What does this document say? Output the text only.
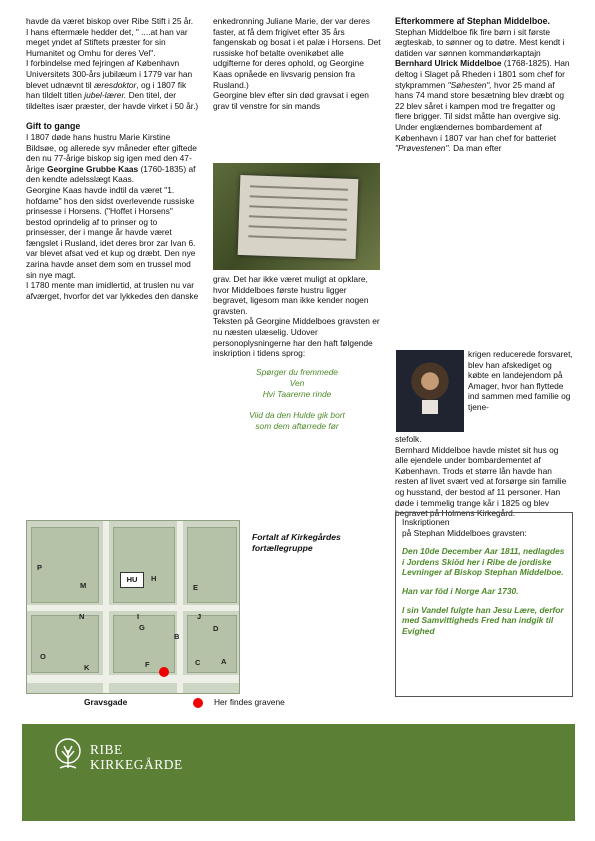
havde da været biskop over Ribe Stift i 25 år.

I hans eftermæle hedder det, " ....at han var meget yndet af Stiftets præster for sin Humanitet og Omhu for deres Vel".

I forbindelse med fejringen af København Universitets 300-års jubilæum i 1779 var han blevet udnævnt til æresdoktor, og i 1807 fik han tildelt titlen jubel-lærer. Den titel, der tildeltes især præster, der havde virket i 50 år.)

Gift to gange

I 1807 døde hans hustru Marie Kirstine Bildsøe, og allerede syv måneder efter giftede den nu 77-årige biskop sig igen med den 47-årige Georgine Grubbe Kaas (1760-1835) af den kendte adelsslægt Kaas.

Georgine Kaas havde indtil da været "1. hofdame" hos den sidst overlevende russiske prinsesse i Horsens. ("Hoffet i Horsens" bestod oprindelig af to prinser og to prinsesser, der i mange år havde været fængslet i Rusland, idet deres bror zar Ivan 6. var blevet afsat ved et kup og dræbt. Den nye zarina havde anset dem som en trussel mod sin nye magt.

I 1780 mente man imidlertid, at truslen nu var afværget, hvorfor det var lykkedes den danske

enkedronning Juliane Marie, der var deres faster, at få dem frigivet efter 35 års fangenskab og bosat i et palæ i Horsens. Det russiske hof betalte ovenikøbet alle udgifterne for deres ophold, og Georgine Kaas opnåede en livsvarig pension fra Rusland.)

Georgine blev efter sin død gravsat i egen grav til venstre for sin mands

grav. Det har ikke været muligt at opklare, hvor Middelboes første hustru ligger begravet, ligesom man ikke kender nogen gravsten.

Teksten på Georgine Middelboes gravsten er nu næsten ulæselig. Udover personoplysningerne har den haft følgende inskription i tidens sprog:

Spørger du fremmede
Ven
Hvi Taarerne rinde
Viid da den Hulde gik bort
som dem aftørrede før

Efterkommere af Stephan Middelboe.

Stephan Middelboe fik fire børn i sit første ægteskab, to sønner og to døtre. Mest kendt i datiden var sønnen kommandørkaptajn Bernhard Ulrick Middelboe (1768-1825). Han deltog i Slaget på Rheden i 1801 som chef for stykprammen "Søhesten", hvor 25 mand af hans 74 mand store besætning blev dræbt og 22 blev såret i kampen mod tre fregatter og flere brigger. Til sidst måtte han overgive sig.

Under englændernes bombardement af København i 1807 var han chef for batteriet "Prøvestenen". Da man efter

krigen reducerede forsvaret, blev han afskediget og købte en landejendom på Amager, hvor han flyttede ind sammen med familie og tjene-

stefolk.

Bernhard Middelboe havde mistet sit hus og alle ejendele under bombardementet af København. Trods et større lån havde han resten af livet svært ved at forsørge sin familie og husstand, der bestod af 11 personer. Han døde i temmelig trange kår i 1825 og blev begravet på Holmens Kirkegård.

HU
P
M
H
E
N	I	J
G	D
B
O
K	F	C	A
Fortalt af Kirkegårdes fortællegruppe
Gravsgade	Her findes gravene
Inskriptionen
på Stephan Middelboes gravsten:
Den 10de December Aar 1811, nedlagdes i Jordens Skiöd her i Ribe de jordiske Levninger af Biskop Stephan Middelboe.
Han var föd i Norge Aar 1730.
I sin Vandel fulgte han Jesu Lære, derfor med Samvittigheds Fred han indgik til Evighed
RIBE
KIRKEGÅRDE
